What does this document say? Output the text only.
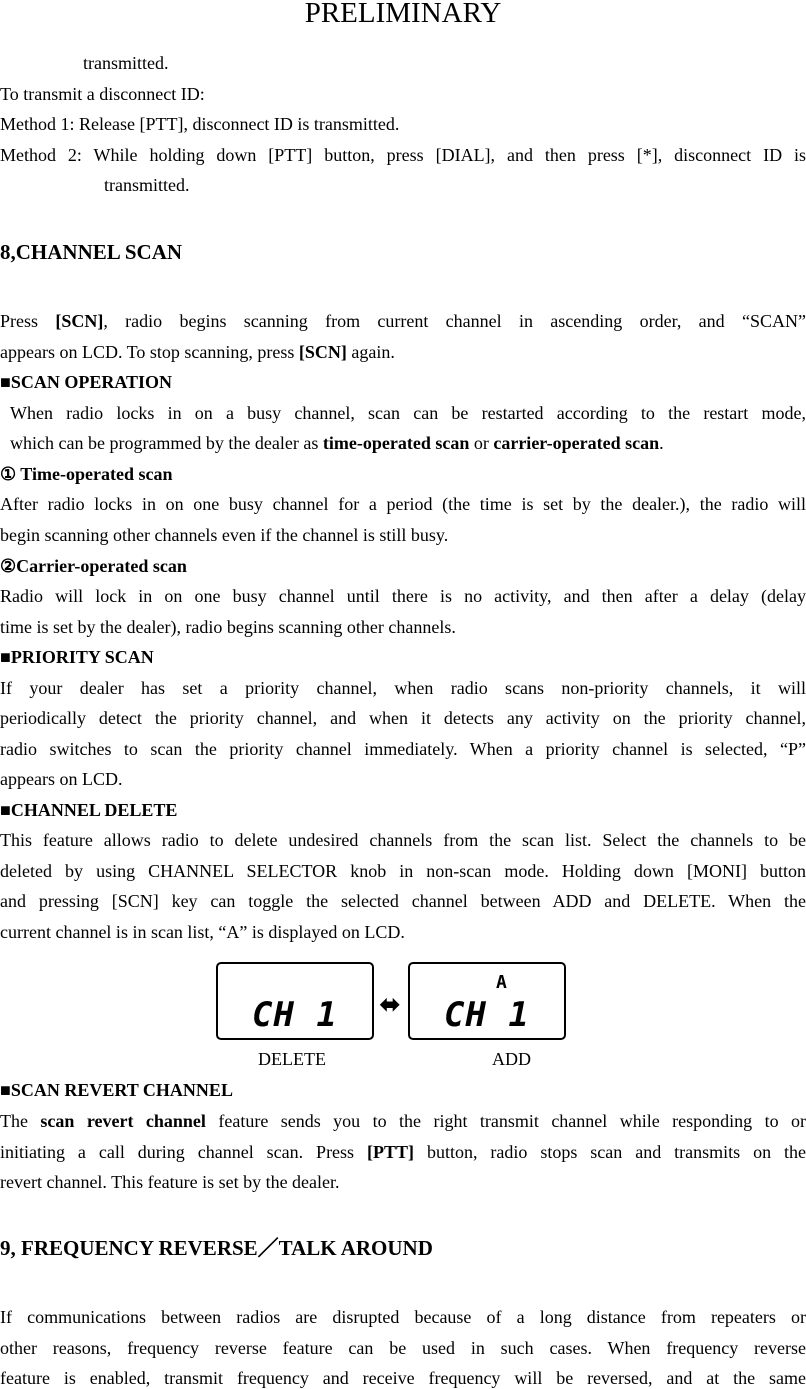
PRELIMINARY
transmitted.
To transmit a disconnect ID:
Method 1: Release [PTT], disconnect ID is transmitted.
Method 2: While holding down [PTT] button, press [DIAL], and then press [*], disconnect ID is
transmitted.
8,CHANNEL SCAN
Press [SCN], radio begins scanning from current channel in ascending order, and “SCAN”
appears on LCD. To stop scanning, press [SCN] again.
■SCAN OPERATION
When radio locks in on a busy channel, scan can be restarted according to the restart mode,
which can be programmed by the dealer as time-operated scan or carrier-operated scan.
① Time-operated scan
After radio locks in on one busy channel for a period (the time is set by the dealer.), the radio will
begin scanning other channels even if the channel is still busy.
②Carrier-operated scan
Radio will lock in on one busy channel until there is no activity, and then after a delay (delay
time is set by the dealer), radio begins scanning other channels.
■PRIORITY SCAN
If your dealer has set a priority channel, when radio scans non-priority channels, it will
periodically detect the priority channel, and when it detects any activity on the priority channel,
radio switches to scan the priority channel immediately. When a priority channel is selected, “P”
appears on LCD.
■CHANNEL DELETE
This feature allows radio to delete undesired channels from the scan list. Select the channels to be
deleted by using CHANNEL SELECTOR knob in non-scan mode. Holding down [MONI] button
and pressing [SCN] key can toggle the selected channel between ADD and DELETE. When the
current channel is in scan list, “A” is displayed on LCD.
CH 1 ⬌
A
CH 1
DELETE	ADD
■SCAN REVERT CHANNEL
The scan revert channel feature sends you to the right transmit channel while responding to or
initiating a call during channel scan. Press [PTT] button, radio stops scan and transmits on the
revert channel. This feature is set by the dealer.
9, FREQUENCY REVERSE／TALK AROUND
If communications between radios are disrupted because of a long distance from repeaters or
other reasons, frequency reverse feature can be used in such cases. When frequency reverse
feature is enabled, transmit frequency and receive frequency will be reversed, and at the same
